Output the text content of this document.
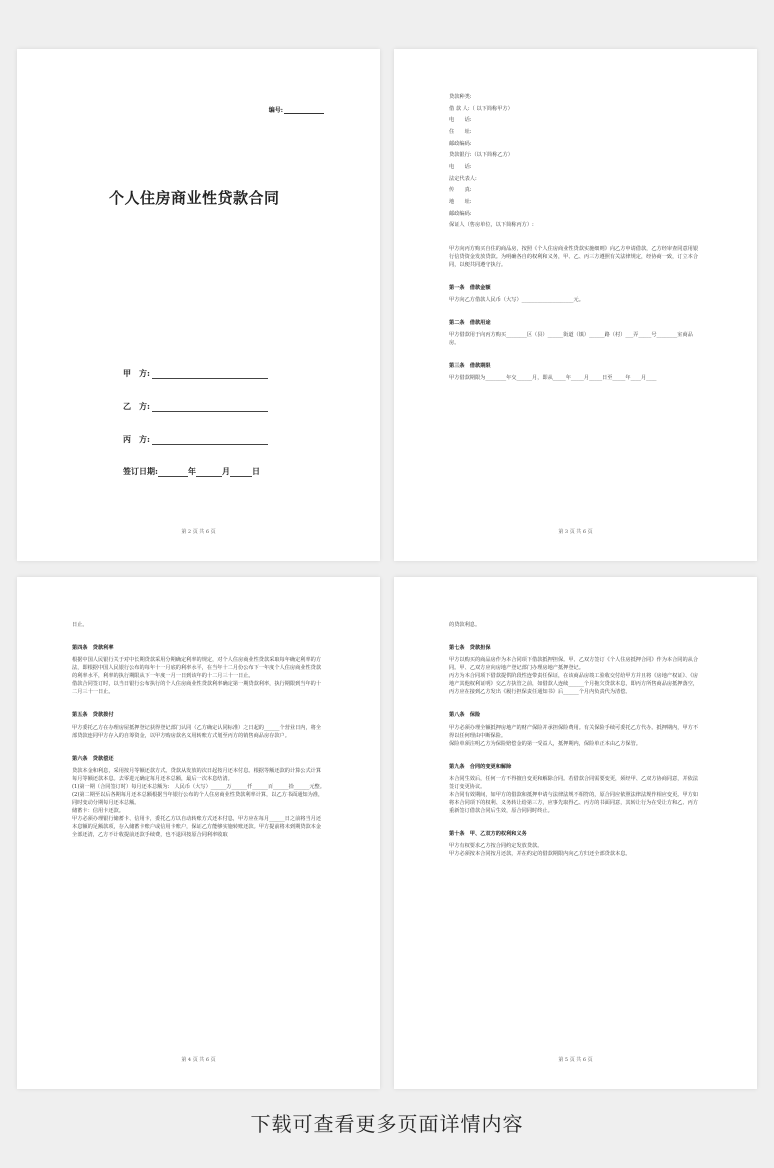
编号:
个人住房商业性贷款合同
甲　方:
乙　方:
丙　方:
签订日期:	年	月	日
第 2 页 共 6 页

贷款种类:

借 款 人:（ 以下简称甲方）

电　　话:

住　　址:

邮政编码:

贷款银行:（以下简称乙方）

电　　话:

法定代表人:

传　　真:

地　　址:

邮政编码:

保证人（售房单位，以下简称丙方）:

甲方向丙方购买自住的商品房，按照《个人住房商业性贷款实施细则》向乙方申请借款，乙方经审查同意用银行信贷资金发放贷款。为明确各自的权利和义务，甲、乙、丙三方遵照有关法律规定，经协商一致，订立本合同，以便共同遵守执行。

第一条　借款金额

甲方向乙方借款人民币（大写）____________________元。

第二条　借款用途

甲方借款用于向丙方购买________区（县）______街道（镇）______路（村）___弄_____号________室商品房。

第三条　借款期限

甲方借款期限为________年交______月，即从_____年_____月_____日至_____年____月____

第 3 页 共 6 页

日止。

第四条　贷款利率

根据中国人民银行关于对中长期贷款采用分期确定利率的规定，对个人住房商业性贷款采取每年确定利率的方法，即根据中国人民银行公布的每年十一月底的利率水平，在当年十二月份公布下一年度个人住房商业性贷款的利率水平，利率的执行期限从下一年度一月一日到该年的十二月三十一日止。

借款合同签订时，以当日银行公布执行的个人住房商业性贷款利率确定第一期贷款利率，执行期限到当年的十二月三十一日止。

第五条　贷款拨付

甲方委托乙方在办理房屋抵押登记获得登记部门认同（乙方确定认同标准）之日起的______个营业日内，将全部贷款连同甲方存入的自筹资金，以甲方购房款名义用转账方式划至丙方的销售商品房存款户。

第六条　贷款偿还

贷款本金和利息，采用按月等额还款方式。贷款从发放的次日起按月还本付息。根据等额还款的计算公式计算每月等额还款本息。去零进元确定每月还本总额，最后一次本息结清。

(1)第一期（合同签订时）每月还本总额为:　人民币（大写）______万______仟______百______拾______元整。

(2)第二期至以后各期每月还本总额根据当年银行公布的个人住房商业性贷款利率计算，以乙方书面通知为准，同时变动分期每月还本总额。

储蓄卡：信用卡还款。

甲方必须办理银行储蓄卡、信用卡，委托乙方以自动转账方式还本付息，甲方应在每月______日之前将当月还本息额的足额款项，存入储蓄卡账户或信用卡账户，保证乙方能够实施转账还款。甲方提前将未到期贷款本金全部还清，乙方不计收提前还款手续费，也不退回按原合同利率收取

第 4 页 共 6 页

的贷款利息。

第七条　贷款担保

甲方以购买的商品房作为本合同项下借款抵押担保。甲、乙双方签订《个人住房抵押合同》作为本合同的从合同。甲、乙双方应向房地产登记部门办理房地产抵押登记。

丙方为本合同项下借款提供阶段性连带责任保证，在该商品房竣工验收交付给甲方并且将《房地产权证》、《房地产其他权利证明》交乙方执管之前，如借款人连续______个月拖欠贷款本息，即丙方所售商品房抵押落空，丙方应在接到乙方发出《履行担保责任通知书》后______个月内负责代为清偿。

第八条　保险

甲方必须办理全额抵押房地产的财产保险并承担保险费用。有关保险手续可委托乙方代办。抵押期内，甲方不得以任何理由中断保险。

保险单须注明乙方为保险赔偿金的第一受益人，抵押期内，保险单正本由乙方保管。

第九条　合同的变更和解除

本合同生效后，任何一方不得擅自变更和解除合同。若借款合同需要变更，须经甲、乙双方协商同意，并依法签订变更协议。

本合同有效期间，如甲方的借款和抵押申请与法律法规不相符的，原合同应依照法律法规作相应变更。甲方如将本合同项下的权利、义务转让给第三方，应事先取得乙、丙方的书面同意，其转让行为在受让方和乙、丙方重新签订借款合同后生效，原合同同时终止。

第十条　甲、乙双方的权利和义务

甲方有权要求乙方按合同约定发放贷款。

甲方必须按本合同按月还款，并在约定的借款期限内向乙方归还全部贷款本息。

第 5 页 共 6 页
下载可查看更多页面详情内容
